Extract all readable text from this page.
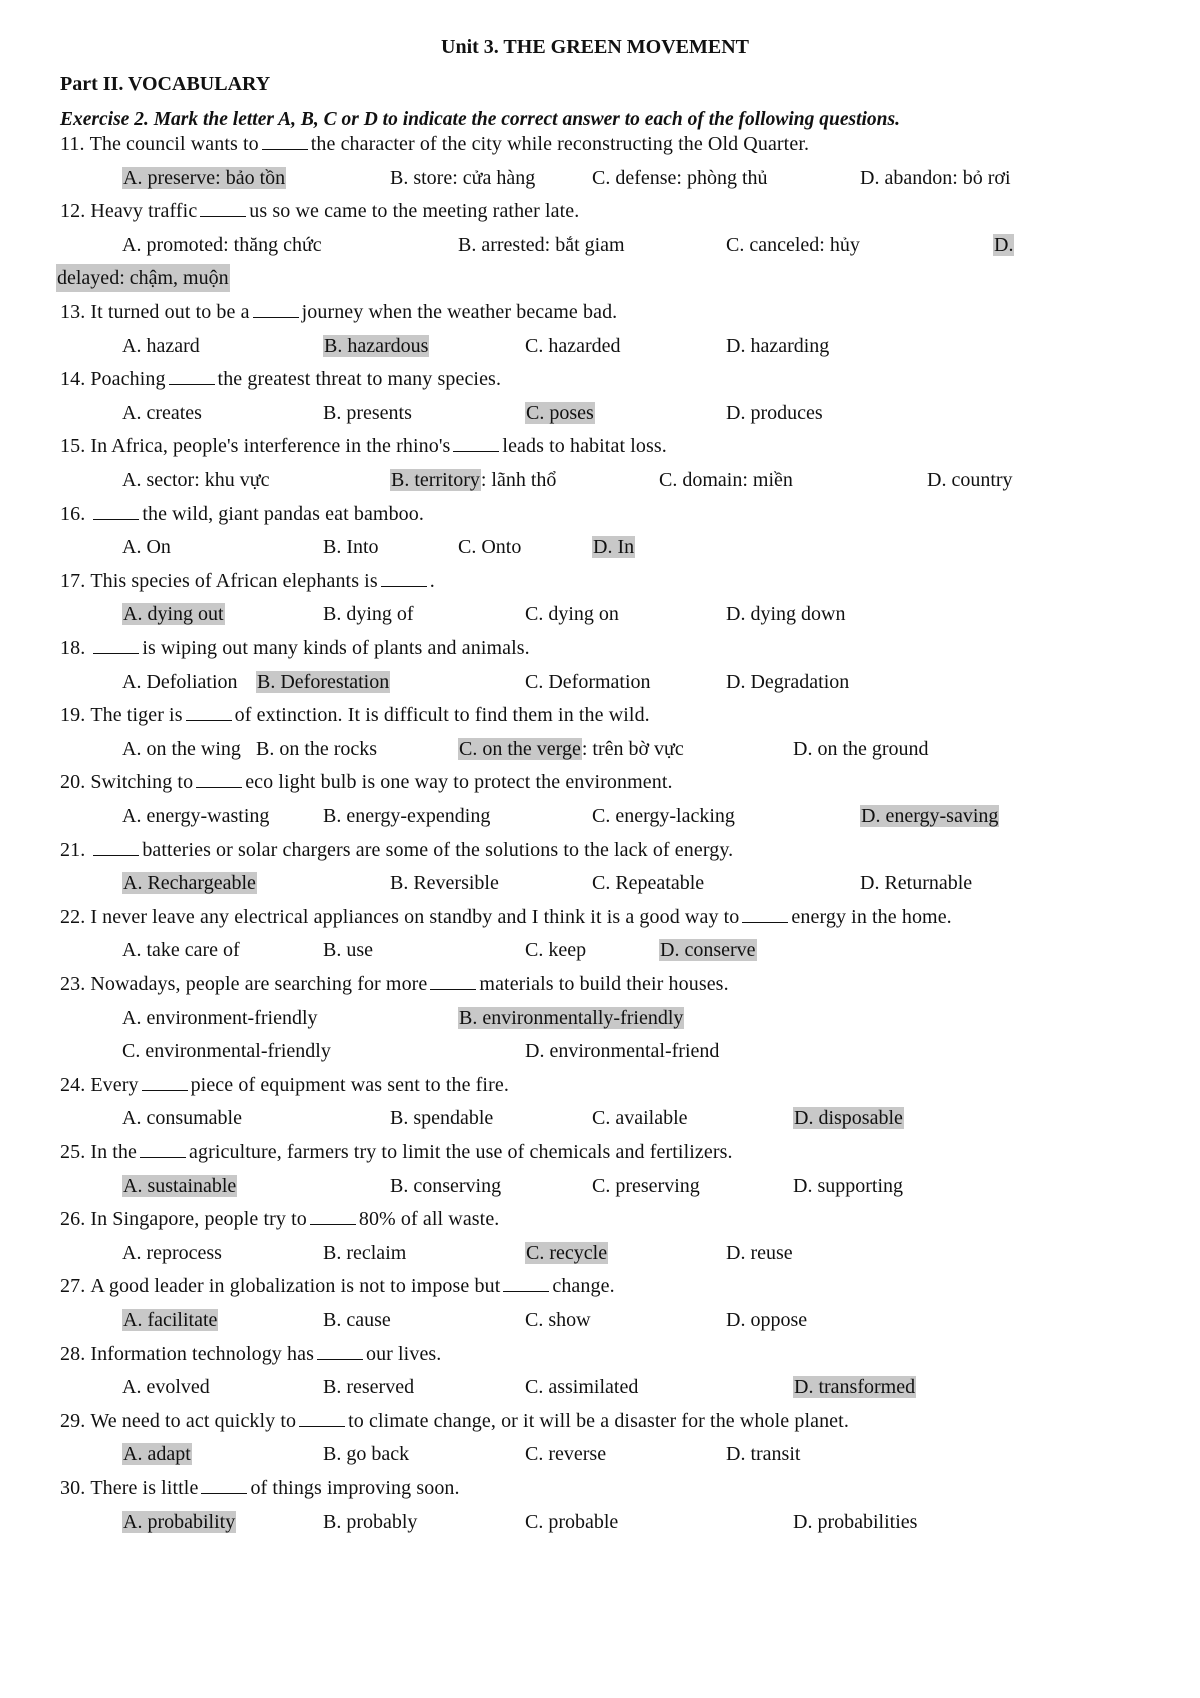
Unit 3. THE GREEN MOVEMENT
Part II. VOCABULARY
Exercise 2. Mark the letter A, B, C or D to indicate the correct answer to each of the following questions.
11. The council wants to	the character of the city while reconstructing the Old Quarter.
A. preserve: bảo tồn	B. store: cửa hàng	C. defense: phòng thủ	D. abandon: bỏ rơi
12. Heavy traffic	us so we came to the meeting rather late.
A. promoted: thăng chức	B. arrested: bắt giam	C. canceled: hủy	D.
delayed: chậm, muộn
13. It turned out to be a	journey when the weather became bad.
A. hazard	B. hazardous	C. hazarded	D. hazarding
14. Poaching	the greatest threat to many species.
A. creates	B. presents	C. poses	D. produces
15. In Africa, people's interference in the rhino's	leads to habitat loss.
A. sector: khu vực	B. territory: lãnh thổ	C. domain: miền	D. country
16.	the wild, giant pandas eat bamboo.
A. On	B. Into	C. Onto	D. In
17. This species of African elephants is	.
A. dying out	B. dying of	C. dying on	D. dying down
18.	is wiping out many kinds of plants and animals.
A. Defoliation B. Deforestation	C. Deformation	D. Degradation
19. The tiger is	of extinction. It is difficult to find them in the wild.
A. on the wing B. on the rocks	C. on the verge: trên bờ vực	D. on the ground
20. Switching to	eco light bulb is one way to protect the environment.
A. energy-wasting	B. energy-expending	C. energy-lacking	D. energy-saving
21.	batteries or solar chargers are some of the solutions to the lack of energy.
A. Rechargeable	B. Reversible	C. Repeatable	D. Returnable
22. I never leave any electrical appliances on standby and I think it is a good way to	energy in the home.
A. take care of	B. use	C. keep	D. conserve
23. Nowadays, people are searching for more	materials to build their houses.
A. environment-friendly	B. environmentally-friendly
C. environmental-friendly	D. environmental-friend
24. Every	piece of equipment was sent to the fire.
A. consumable	B. spendable	C. available	D. disposable
25. In the	agriculture, farmers try to limit the use of chemicals and fertilizers.
A. sustainable	B. conserving	C. preserving	D. supporting
26. In Singapore, people try to	80% of all waste.
A. reprocess	B. reclaim	C. recycle	D. reuse
27. A good leader in globalization is not to impose but	change.
A. facilitate	B. cause	C. show	D. oppose
28. Information technology has	our lives.
A. evolved	B. reserved	C. assimilated	D. transformed
29. We need to act quickly to	to climate change, or it will be a disaster for the whole planet.
A. adapt	B. go back	C. reverse	D. transit
30. There is little	of things improving soon.
A. probability	B. probably	C. probable	D. probabilities
